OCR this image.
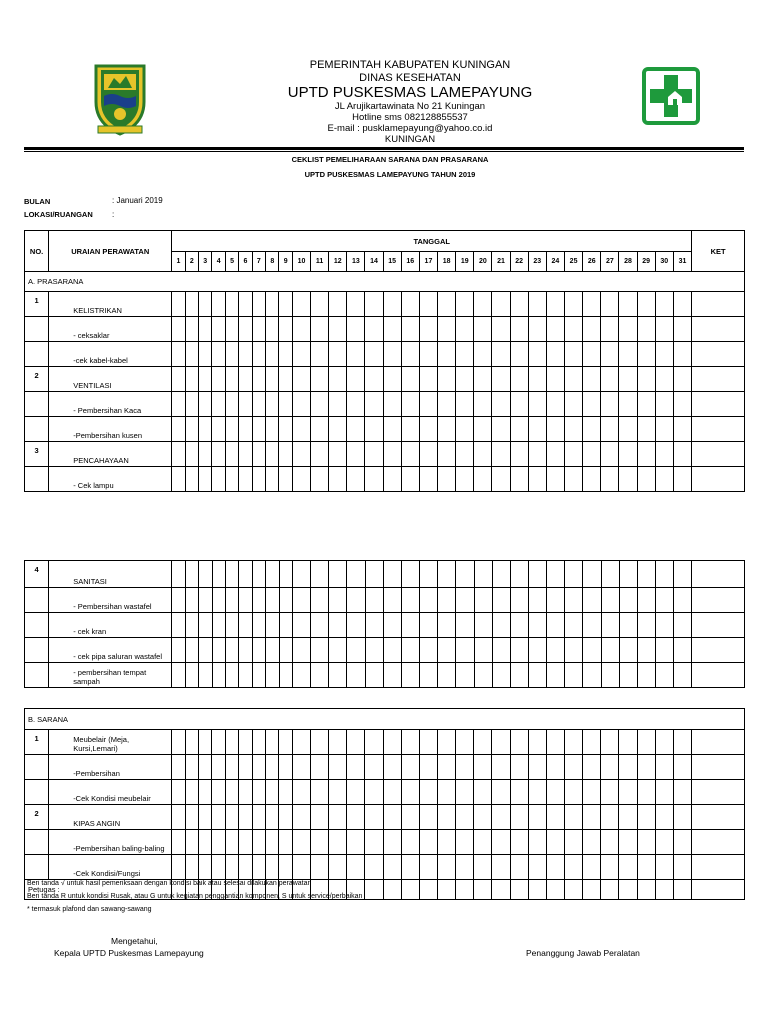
PEMERINTAH KABUPATEN KUNINGAN
DINAS KESEHATAN
UPTD PUSKESMAS LAMEPAYUNG
JL Arujikartawinata No 21 Kuningan
Hotline sms 082128855537
E-mail : pusklamepayung@yahoo.co.id
KUNINGAN
CEKLIST PEMELIHARAAN SARANA DAN PRASARANA
UPTD PUSKESMAS LAMEPAYUNG TAHUN 2019
BULAN	: Januari 2019
LOKASI/RUANGAN :
NO.	URAIAN PERAWATAN	TANGGAL																															KET
		1	2	3	4	5	6	7	8	9	10	11	12	13	14	15	16	17	18	19	20	21	22	23	24	25	26	27	28	29	30	31	
A. PRASARANA																																	
1	KELISTRIKAN																																
	- ceksaklar																																
	-cek kabel-kabel																																
2	VENTILASI																																
	- Pembersihan Kaca																																
	-Pembersihan kusen																																
3	PENCAHAYAAN																																
	- Cek lampu																																
4	SANITASI																																
	- Pembersihan wastafel																																
	- cek kran																																
	- cek pipa saluran wastafel																																
	- pembersihan tempat sampah																																
B. SARANA																																	
1	Meubelair (Meja, Kursi,Lemari)																																
	-Pembersihan																																
	-Cek Kondisi meubelair																																
2	KIPAS ANGIN																																
	-Pembersihan baling-baling																																
	-Cek Kondisi/Fungsi																																
Petugas :																																	
Beri tanda √ untuk hasil pemeriksaan dengan kondisi baik atau selesai dilakukan perawatan
Beri tanda R untuk kondisi Rusak, atau G untuk kegiatan penggantian komponen, S untuk service/perbaikan
* termasuk plafond dan sawang-sawang
Mengetahui,
Kepala UPTD Puskesmas Lamepayung	Penanggung Jawab Peralatan
